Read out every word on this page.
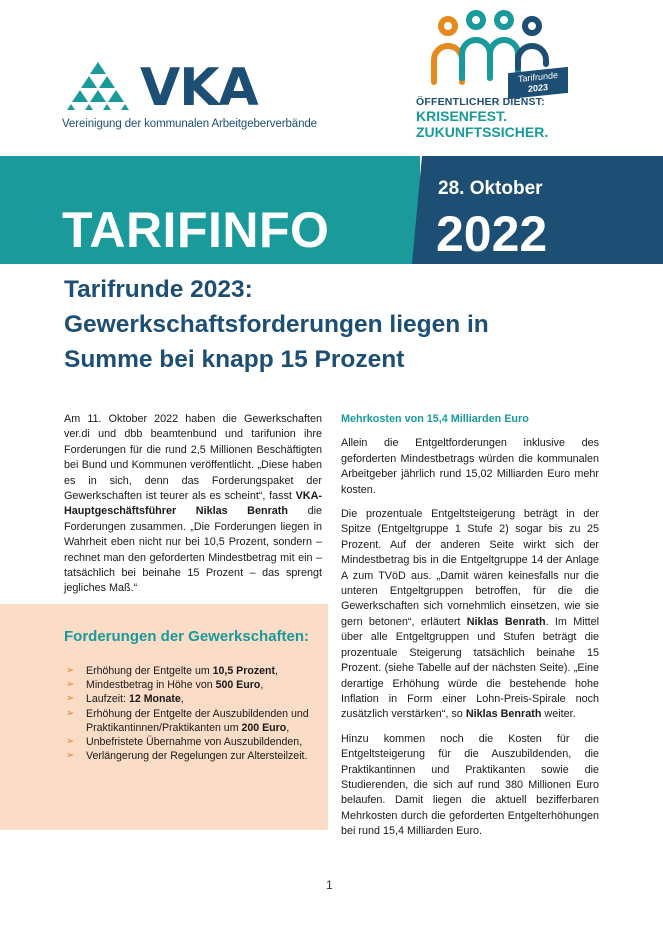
VKA
Vereinigung der kommunalen Arbeitgeberverbände
Tarifrunde
2023
ÖFFENTLICHER DIENST:
KRISENFEST.
ZUKUNFTSSICHER.
TARIFINFO
28. Oktober
2022
Tarifrunde 2023: Gewerkschaftsforderungen liegen in Summe bei knapp 15 Prozent

Am 11. Oktober 2022 haben die Gewerkschaften ver.di und dbb beamtenbund und tarifunion ihre Forderungen für die rund 2,5 Millionen Beschäftigten bei Bund und Kommunen veröffentlicht. „Diese haben es in sich, denn das Forderungspaket der Gewerkschaften ist teurer als es scheint“, fasst VKA-Hauptgeschäftsführer Niklas Benrath die Forderungen zusammen. „Die Forderungen liegen in Wahrheit eben nicht nur bei 10,5 Prozent, sondern – rechnet man den geforderten Mindestbetrag mit ein – tatsächlich bei beinahe 15 Prozent – das sprengt jegliches Maß.“

Forderungen der Gewerkschaften:
➢ Erhöhung der Entgelte um 10,5 Prozent,
➢ Mindestbetrag in Höhe von 500 Euro,
➢ Laufzeit: 12 Monate,
➢ Erhöhung der Entgelte der Auszubildenden und Praktikantinnen/Praktikanten um 200 Euro,
➢ Unbefristete Übernahme von Auszubildenden,
➢ Verlängerung der Regelungen zur Altersteilzeit.
Mehrkosten von 15,4 Milliarden Euro

Allein die Entgeltforderungen inklusive des geforderten Mindestbetrags würden die kommunalen Arbeitgeber jährlich rund 15,02 Milliarden Euro mehr kosten.

Die prozentuale Entgeltsteigerung beträgt in der Spitze (Entgeltgruppe 1 Stufe 2) sogar bis zu 25 Prozent. Auf der anderen Seite wirkt sich der Mindestbetrag bis in die Entgeltgruppe 14 der Anlage A zum TVöD aus. „Damit wären keinesfalls nur die unteren Entgeltgruppen betroffen, für die die Gewerkschaften sich vornehmlich einsetzen, wie sie gern betonen“, erläutert Niklas Benrath. Im Mittel über alle Entgeltgruppen und Stufen beträgt die prozentuale Steigerung tatsächlich beinahe 15 Prozent. (siehe Tabelle auf der nächsten Seite). „Eine derartige Erhöhung würde die bestehende hohe Inflation in Form einer Lohn-Preis-Spirale noch zusätzlich verstärken“, so Niklas Benrath weiter.

Hinzu kommen noch die Kosten für die Entgeltsteigerung für die Auszubildenden, die Praktikantinnen und Praktikanten sowie die Studierenden, die sich auf rund 380 Millionen Euro belaufen. Damit liegen die aktuell bezifferbaren Mehrkosten durch die geforderten Entgelterhöhungen bei rund 15,4 Milliarden Euro.

1
